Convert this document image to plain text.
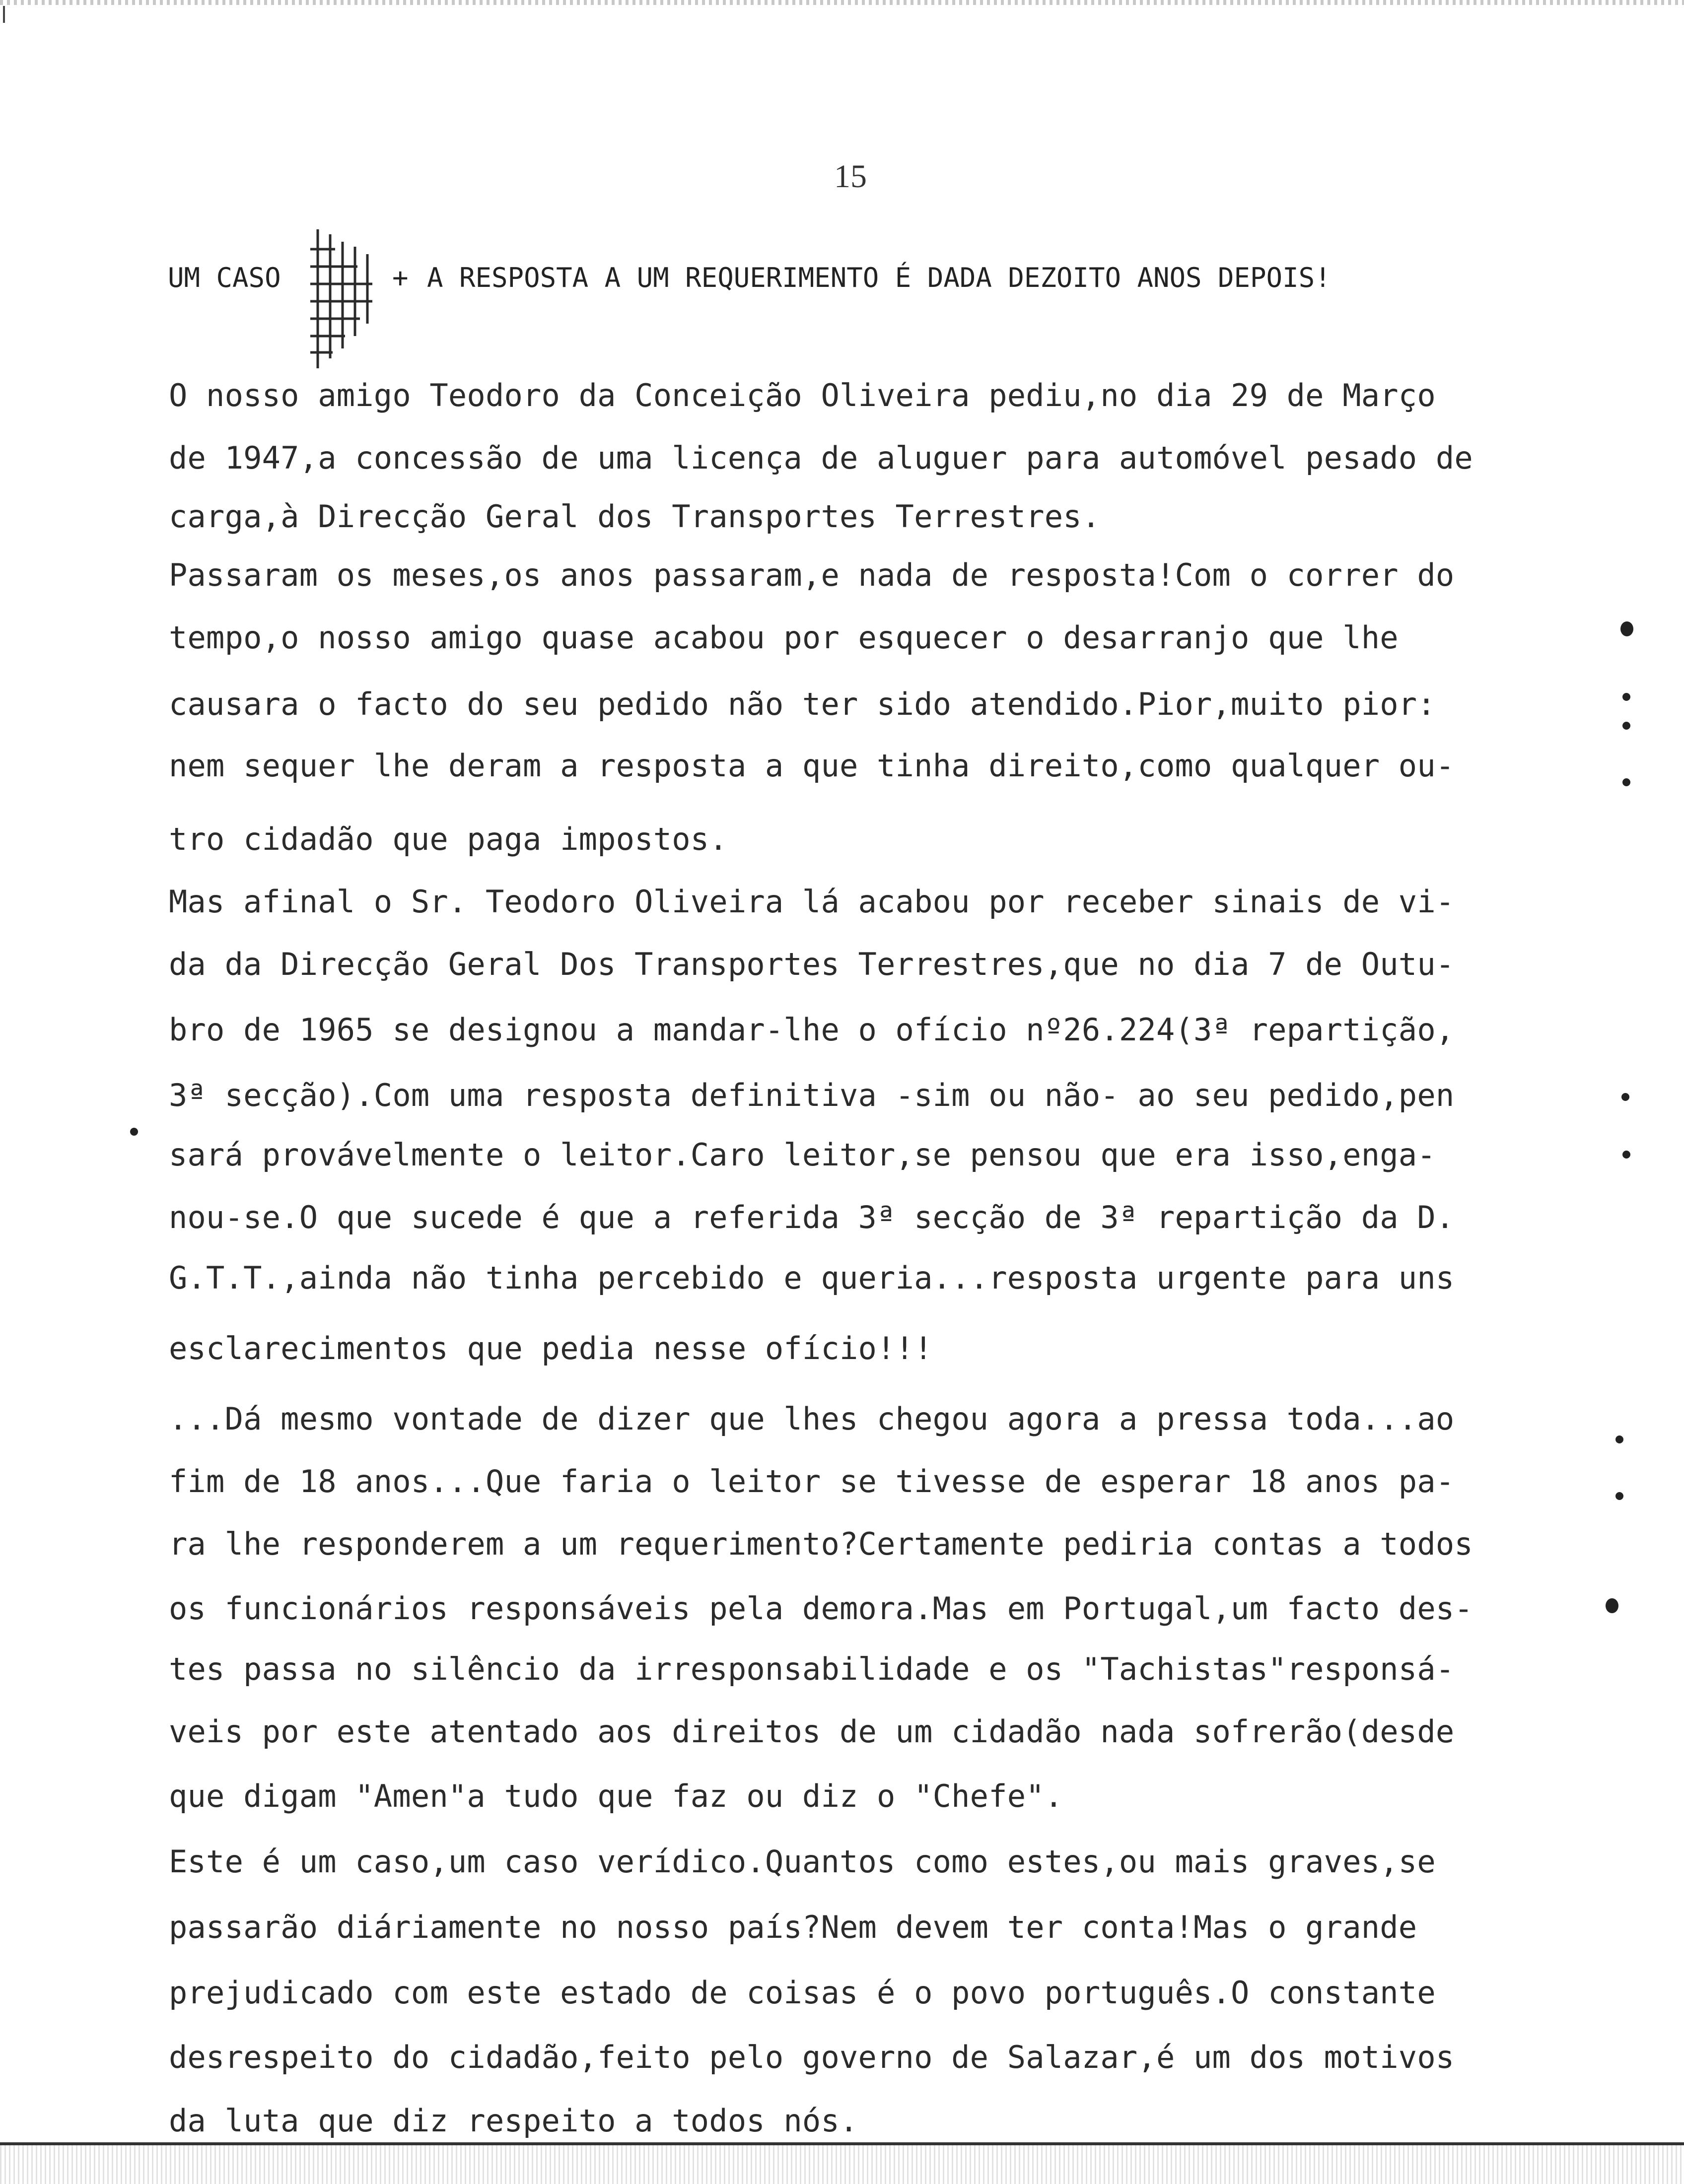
15
UM CASO	+ A RESPOSTA A UM REQUERIMENTO É DADA DEZOITO ANOS DEPOIS!
O nosso amigo Teodoro da Conceição Oliveira pediu,no dia 29 de Março
de 1947,a concessão de uma licença de aluguer para automóvel pesado de
carga,à Direcção Geral dos Transportes Terrestres.
Passaram os meses,os anos passaram,e nada de resposta!Com o correr do
tempo,o nosso amigo quase acabou por esquecer o desarranjo que lhe
causara o facto do seu pedido não ter sido atendido.Pior,muito pior:
nem sequer lhe deram a resposta a que tinha direito,como qualquer ou-
tro cidadão que paga impostos.
Mas afinal o Sr. Teodoro Oliveira lá acabou por receber sinais de vi-
da da Direcção Geral Dos Transportes Terrestres,que no dia 7 de Outu-
bro de 1965 se designou a mandar-lhe o ofício nº26.224(3ª repartição,
3ª secção).Com uma resposta definitiva -sim ou não- ao seu pedido,pen
sará provávelmente o leitor.Caro leitor,se pensou que era isso,enga-
nou-se.O que sucede é que a referida 3ª secção de 3ª repartição da D.
G.T.T.,ainda não tinha percebido e queria...resposta urgente para uns
esclarecimentos que pedia nesse ofício!!!
...Dá mesmo vontade de dizer que lhes chegou agora a pressa toda...ao
fim de 18 anos...Que faria o leitor se tivesse de esperar 18 anos pa-
ra lhe responderem a um requerimento?Certamente pediria contas a todos
os funcionários responsáveis pela demora.Mas em Portugal,um facto des-
tes passa no silêncio da irresponsabilidade e os "Tachistas"responsá-
veis por este atentado aos direitos de um cidadão nada sofrerão(desde
que digam "Amen"a tudo que faz ou diz o "Chefe".
Este é um caso,um caso verídico.Quantos como estes,ou mais graves,se
passarão diáriamente no nosso país?Nem devem ter conta!Mas o grande
prejudicado com este estado de coisas é o povo português.O constante
desrespeito do cidadão,feito pelo governo de Salazar,é um dos motivos
da luta que diz respeito a todos nós.
